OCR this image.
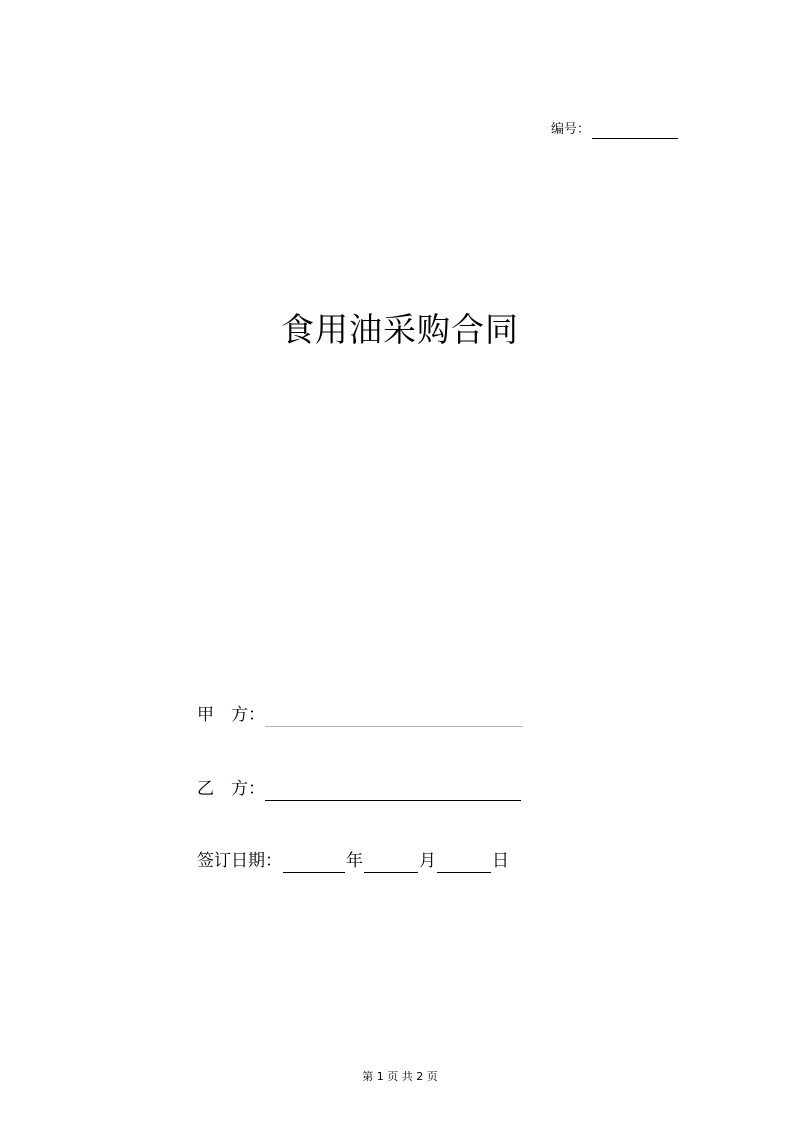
编号：
食用油采购合同
甲　方：
乙　方：
签订日期：	年	月	日
第 1 页 共 2 页
